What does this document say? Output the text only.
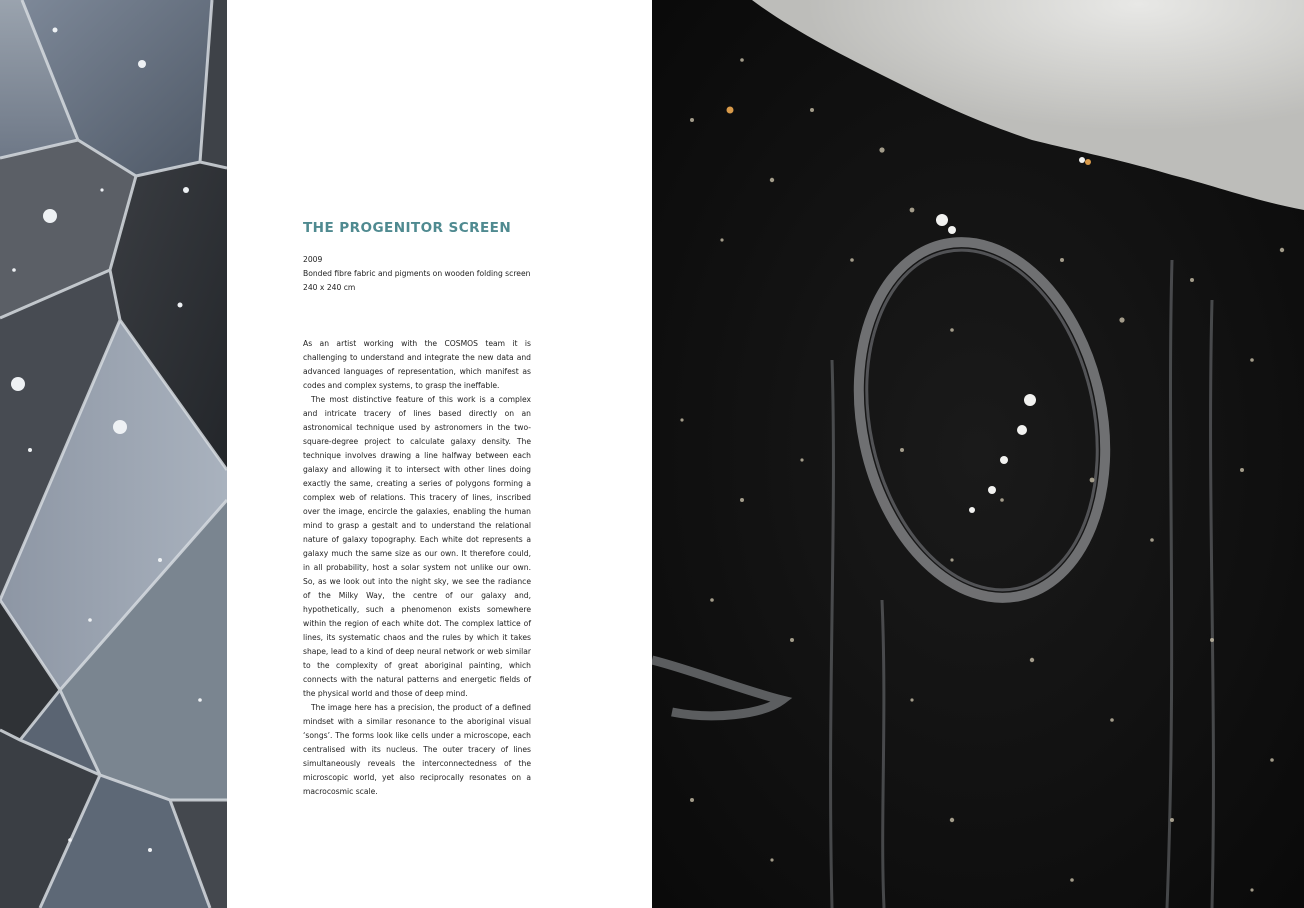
THE PROGENITOR SCREEN
2009
Bonded fibre fabric and pigments on wooden folding screen
240 x 240 cm

As an artist working with the COSMOS team it is challenging to understand and integrate the new data and advanced languages of representation, which manifest as codes and complex systems, to grasp the ineffable.

The most distinctive feature of this work is a complex and intricate tracery of lines based directly on an astronomical technique used by astronomers in the two-square-degree project to calculate galaxy density. The technique involves drawing a line halfway between each galaxy and allowing it to intersect with other lines doing exactly the same, creating a series of polygons forming a complex web of relations. This tracery of lines, inscribed over the image, encircle the galaxies, enabling the human mind to grasp a gestalt and to understand the relational nature of galaxy topography. Each white dot represents a galaxy much the same size as our own. It therefore could, in all probability, host a solar system not unlike our own. So, as we look out into the night sky, we see the radiance of the Milky Way, the centre of our galaxy and, hypothetically, such a phenomenon exists somewhere within the region of each white dot. The complex lattice of lines, its systematic chaos and the rules by which it takes shape, lead to a kind of deep neural network or web similar to the complexity of great aboriginal painting, which connects with the natural patterns and energetic fields of the physical world and those of deep mind.

The image here has a precision, the product of a defined mindset with a similar resonance to the aboriginal visual ‘songs’. The forms look like cells under a microscope, each centralised with its nucleus. The outer tracery of lines simultaneously reveals the interconnectedness of the microscopic world, yet also reciprocally resonates on a macrocosmic scale.
